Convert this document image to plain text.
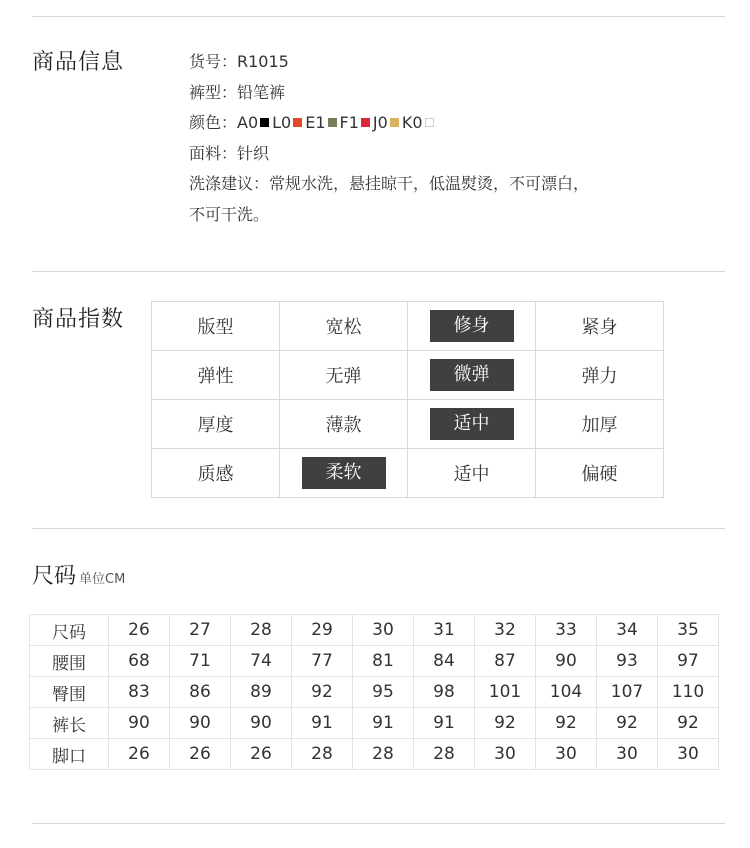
商品信息	货号：R1015
裤型：铅笔裤
颜色：A0 L0 E1 F1 J0 K0
面料：针织
洗涤建议：常规水洗，悬挂晾干，低温熨烫，不可漂白，
不可干洗。
商品指数	版型	宽松	修身	紧身
弹性	无弹	微弹	弹力
厚度	薄款	适中	加厚
质感	柔软	适中	偏硬
尺码 单位CM
尺码	26	27	28	29	30	31	32	33	34	35
腰围	68	71	74	77	81	84	87	90	93	97
臀围	83	86	89	92	95	98	101	104	107	110
裤长	90	90	90	91	91	91	92	92	92	92
脚口	26	26	26	28	28	28	30	30	30	30
